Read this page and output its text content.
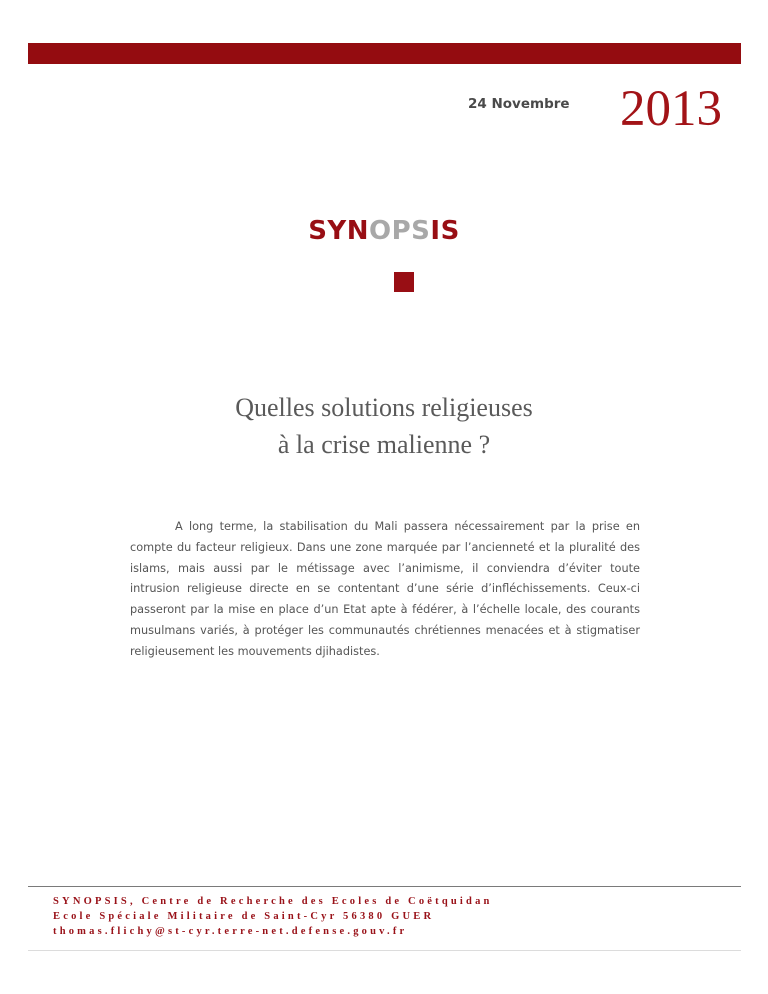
24 Novembre 2013
SYNOPSIS
Quelles solutions religieuses
à la crise malienne ?

A long terme, la stabilisation du Mali passera nécessairement par la prise en compte du facteur religieux. Dans une zone marquée par l’ancienneté et la pluralité des islams, mais aussi par le métissage avec l’animisme, il conviendra d’éviter toute intrusion religieuse directe en se contentant d’une série d’infléchissements. Ceux-ci passeront par la mise en place d’un Etat apte à fédérer, à l’échelle locale, des courants musulmans variés, à protéger les communautés chrétiennes menacées et à stigmatiser religieusement les mouvements djihadistes.

SYNOPSIS, Centre de Recherche des Ecoles de Coëtquidan
Ecole Spéciale Militaire de Saint-Cyr 56380 GUER
thomas.flichy@st-cyr.terre-net.defense.gouv.fr
